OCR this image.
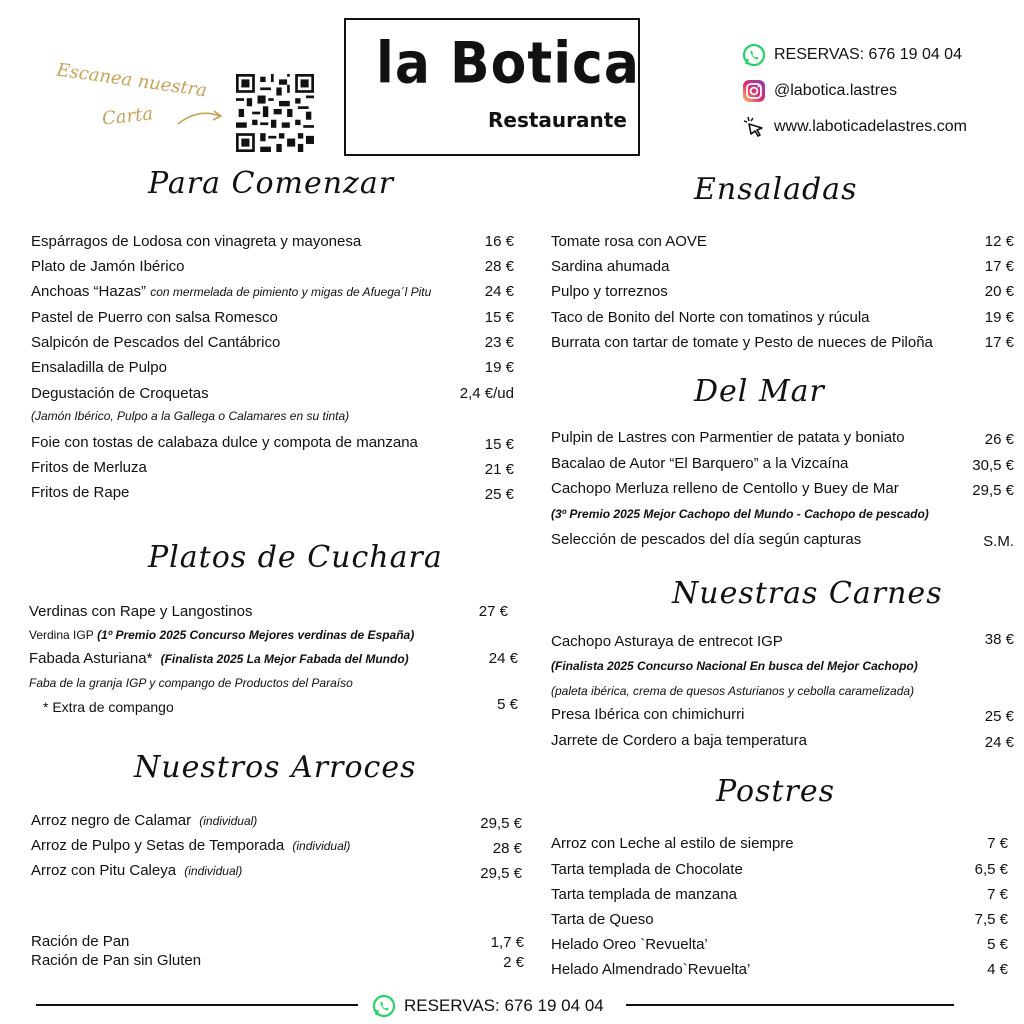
Escanea nuestra
Carta
la Botica
Restaurante
RESERVAS: 676 19 04 04
@labotica.lastres
www.laboticadelastres.com
Para Comenzar
Espárragos de Lodosa con vinagreta y mayonesa	16 €
Plato de Jamón Ibérico	28 €
Anchoas “Hazas” con mermelada de pimiento y migas de Afuega´l Pitu	24 €
Pastel de Puerro con salsa Romesco	15 €
Salpicón de Pescados del Cantábrico	23 €
Ensaladilla de Pulpo	19 €
Degustación de Croquetas	2,4 €/ud
(Jamón Ibérico, Pulpo a la Gallega o Calamares en su tinta)
Foie con tostas de calabaza dulce y compota de manzana	15 €
Fritos de Merluza	21 €
Fritos de Rape	25 €
Platos de Cuchara
Verdinas con Rape y Langostinos	27 €
Verdina IGP (1º Premio 2025 Concurso Mejores verdinas de España)
Fabada Asturiana* (Finalista 2025 La Mejor Fabada del Mundo)	24 €
Faba de la granja IGP y compango de Productos del Paraíso
* Extra de compango	5 €
Nuestros Arroces
Arroz negro de Calamar (individual)	29,5 €
Arroz de Pulpo y Setas de Temporada (individual)	28 €
Arroz con Pitu Caleya (individual)	29,5 €
Ración de Pan	1,7 €
Ración de Pan sin Gluten	2 €
Ensaladas
Tomate rosa con AOVE	12 €
Sardina ahumada	17 €
Pulpo y torreznos	20 €
Taco de Bonito del Norte con tomatinos y rúcula	19 €
Burrata con tartar de tomate y Pesto de nueces de Piloña	17 €
Del Mar
Pulpin de Lastres con Parmentier de patata y boniato	26 €
Bacalao de Autor “El Barquero” a la Vizcaína	30,5 €
Cachopo Merluza relleno de Centollo y Buey de Mar	29,5 €
(3º Premio 2025 Mejor Cachopo del Mundo - Cachopo de pescado)
Selección de pescados del día según capturas	S.M.
Nuestras Carnes
Cachopo Asturaya de entrecot IGP	38 €
(Finalista 2025 Concurso Nacional En busca del Mejor Cachopo)
(paleta ibérica, crema de quesos Asturianos y cebolla caramelizada)
Presa Ibérica con chimichurri	25 €
Jarrete de Cordero a baja temperatura	24 €
Postres
Arroz con Leche al estilo de siempre	7 €
Tarta templada de Chocolate	6,5 €
Tarta templada de manzana	7 €
Tarta de Queso	7,5 €
Helado Oreo `Revuelta’	5 €
Helado Almendrado`Revuelta’	4 €
RESERVAS: 676 19 04 04
